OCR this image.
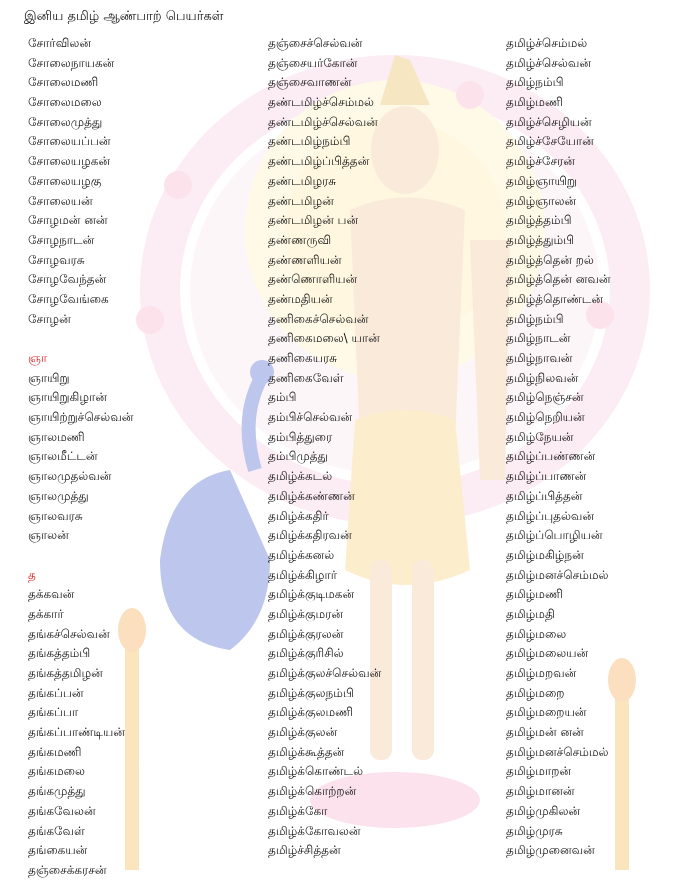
இனிய தமிழ் ஆண்பாற் பெயர்கள்
சோர்விலன்
சோலைநாயகன்
சோலைமணி
சோலைமலை
சோலைமுத்து
சோலையப்பன்
சோலையழகன்
சோலையழகு
சோலையன்
சோழமன் னன்
சோழநாடன்
சோழவரசு
சோழவேந்தன்
சோழவேங்கை
சோழன்
ஞா
ஞாயிறு
ஞாயிறுகிழான்
ஞாயிற்றுச்செல்வன்
ஞாலமணி
ஞாலமீட்டன்
ஞாலமுதல்வன்
ஞாலமுத்து
ஞாலவரசு
ஞாலன்
த
தக்கவன்
தக்கார்
தங்கச்செல்வன்
தங்கத்தம்பி
தங்கத்தமிழன்
தங்கப்பன்
தங்கப்பா
தங்கப்பாண்டியன்
தங்கமணி
தங்கமலை
தங்கமுத்து
தங்கவேலன்
தங்கவேள்
தங்கையன்
தஞ்சைக்கரசன்
தஞ்சைச்செல்வன்
தஞ்சையர்கோன்
தஞ்சைவாணன்
தண்டமிழ்ச்செம்மல்
தண்டமிழ்ச்செல்வன்
தண்டமிழ்நம்பி
தண்டமிழ்ப்பித்தன்
தண்டமிழரசு
தண்டமிழன்
தண்டமிழன் பன்
தண்ணருவி
தண்ணளியன்
தண்ணொளியன்
தண்மதியன்
தணிகைச்செல்வன்
தணிகைமலை\ யான்
தணிகையரசு
தணிகைவேள்
தம்பி
தம்பிச்செல்வன்
தம்பித்துரை
தம்பிமுத்து
தமிழ்க்கடல்
தமிழ்க்கண்ணன்
தமிழ்க்கதிர்
தமிழ்க்கதிரவன்
தமிழ்க்கனல்
தமிழ்க்கிழார்
தமிழ்க்குடிமகன்
தமிழ்க்குமரன்
தமிழ்க்குரலன்
தமிழ்க்குரிசில்
தமிழ்க்குலச்செல்வன்
தமிழ்க்குலநம்பி
தமிழ்க்குலமணி
தமிழ்க்குலன்
தமிழ்க்கூத்தன்
தமிழ்க்கொண்டல்
தமிழ்க்கொற்றன்
தமிழ்க்கோ
தமிழ்க்கோவலன்
தமிழ்ச்சித்தன்
தமிழ்ச்செம்மல்
தமிழ்ச்செல்வன்
தமிழ்நம்பி
தமிழ்மணி
தமிழ்ச்செழியன்
தமிழ்ச்சேயோன்
தமிழ்ச்சேரன்
தமிழ்ஞாயிறு
தமிழ்ஞாலன்
தமிழ்த்தம்பி
தமிழ்த்தும்பி
தமிழ்த்தென் றல்
தமிழ்த்தென் னவன்
தமிழ்த்தொண்டன்
தமிழ்நம்பி
தமிழ்நாடன்
தமிழ்நாவன்
தமிழ்நிலவன்
தமிழ்நெஞ்சன்
தமிழ்நெறியன்
தமிழ்நேயன்
தமிழ்ப்பண்ணன்
தமிழ்ப்பாணன்
தமிழ்ப்பித்தன்
தமிழ்ப்புதல்வன்
தமிழ்ப்பொழியன்
தமிழ்மகிழ்நன்
தமிழ்மனச்செம்மல்
தமிழ்மணி
தமிழ்மதி
தமிழ்மலை
தமிழ்மலையன்
தமிழ்மறவன்
தமிழ்மறை
தமிழ்மறையன்
தமிழ்மன் னன்
தமிழ்மனச்செம்மல்
தமிழ்மாறன்
தமிழ்மானன்
தமிழ்முகிலன்
தமிழ்முரசு
தமிழ்முனைவன்
